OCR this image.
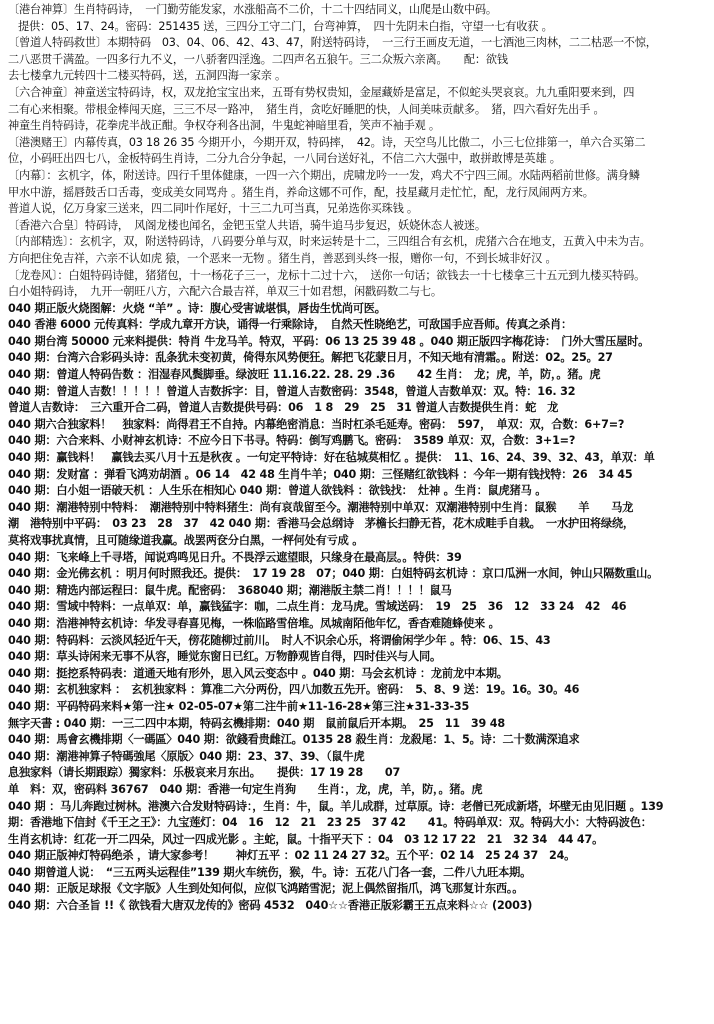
〔港台神算〕生肖特码诗，　一门勤劳能发家，水涨船高不二价，十二十四结同义，山爬是山数中码。
提供：05、17、24。密码：251435 送，三四分工守二门，台弯神算，　四十先阴未白指，守望一七有收获 。
〔曾道人特码救世〕本期特码　03、04、06、42、43、47，附送特码诗，　一三行王画皮无道，一七酒池三肉林，二二枯恶一不惊，
二八恶贯千满盈。一四多行九不义，一八骄奢四淫逸。二四声名五狼午。三二众叛六亲离。　　配：欲钱
去七楼拿九元转四十二楼买特码，送，五洞四海一家亲 。
〔六合神童〕神童送宝特码诗，权，双龙抢宝宝出来，五哥有势权贵知，金屋藏娇是富足，不似蛇头哭哀哀。九九重阳要来到，四
二有心来相聚。带根金棒闯天庭，三三不尽一路冲，　猪生肖，贪吃好睡肥的快，人间美味贡献多。　猪，四六看好先出手 。
神童生肖特码诗，花拳虎半战正酣。争权夺利各出洞，牛鬼蛇神暗里看，笑声不袖手观 。
〔港澳赌王〕内幕传真，03 18 26 35 今期开小，今期开双，特码摔，　42。诗，天空鸟儿比傲二，小三七位排第一，单六合买第二
位，小码旺出四七八，金板特码生肖诗，二分九合分争起，一八同台送好礼，不信二六大强中，敢拼敢博是英雄 。
〔内幕〕：玄机字，体，附送诗。四行千里体健康，一四一六个期出，虎啸龙吟一一发，鸡犬不宁四三闹。水陆两稻前世修。满身鳞
甲水中游，摇唇鼓舌口舌毒，变成美女同骂舟 。猪生肖，养命这娜不可作，配，技星藏月走忙忙，配，龙行凤闹两方来。
普道人说，亿万身家三送来，四二同叶作尾好，十三二九可当真，兄弟选你买珠钱 。
〔香港六合皇〕特码诗，　风阁龙楼也闻名，金钯玉堂人共语，骑牛追马步复迟，妖娆休态人被迷。
〔内部精选〕：玄机字，双，附送特码诗，八码要分单与双，时来运转是十二，三四组合有玄机，虎猪六合在地支，五黄入中未为吉。
方向把住免吉祥，六亲不认如虎 猿，一个恶来一无物 。猪生肖，善恶到头终一报，赠你一句，不到长城非好汉 。
〔龙卷风〕：白姐特码诗健，猪猪包，十一杨花子三一，龙标十二过十六，　送你一句话；欲钱去一十七楼拿三十五元到九楼买特码。
白小姐特码诗，　九开一朝旺八方，六配六合最吉祥，单双三十如君想，闲戳码数二与七。
040 期正版火烧图解：火烧 “羊” 。诗：腹心受害诚堪惧，唇齿生忧尚可医。
040 香港 6000 元传真料：学成九章开方诀，诵得一行乘除诗，　自然天性晓绝艺，可敌国手应吾师。传真之杀肖：
040 期台湾 50000 元来料提供：特肖 牛龙马羊。特双，平码：06 13 25 39 48 。040 期正版四字梅花诗：　门外大雪压屋时。
040 期：台湾六合彩码头诗：乱条犹未变初黄，倚得东风势便狂。解把飞花蒙日月，不知天地有清霜。。附送：02。25。27
040 期：曾道人特码告数 ：泪湿春风鬓脚垂。绿波旺 11.16.22. 28. 29 .36　　42 生肖：　龙；虎，羊，防，。猪。虎
040 期：曾道人吉数！！！！！曾道人吉数拆字：目，曾道人吉数密码：3548，曾道人吉数单双：双。特：16. 32
曾道人吉数诗：　三六重开合二码，曾道人吉数提供号码：06　1 8　29　25　31 曾道人吉数提供生肖：蛇　龙
040 期六合独家料！　独家料：尚得君王不自持。内幕绝密消息：当时杠杀毛延寿。密码：　597，　单双：双，合数：6+7=?
040 期：六合来料、小财神玄机诗：不应今日下书寻。特码：倒写鸡鹏飞。密码：　3589 单双：双，合数：3+1=?
040 期：赢钱料！　赢钱去买八月十五是秋夜 。一句定平特诗：好在毡城莫相忆 。提供：　11、16、24、39、32、43，单双：单
040 期：发财富 ：弹看飞鸿劝胡酒 。06 14　42 48 生肖牛羊；040 期：三怪赌红欲钱料 ：今年一期有钱找特：26　34 45
040 期：白小姐一语破天机 ：人生乐在相知心 040 期：曾道人欲钱料 ：欲钱找：　灶神 。生肖：鼠虎猪马 。
040 期：潮港特别中特料：　潮港特别中特料猪生：尚有哀哉留至今。潮港特别中单双：双潮港特别中生肖：鼠猴　　羊　　马龙
潮　港特别中平码：　03 23　28　37　42 040 期：香港马会总纲诗　茅檐长扫静无苔，花木成畦手自栽。　一水护田将绿绕，
莫将戏事扰真情，且可随缘道我赢。战罢两奁分白黑，一枰何处有亏成 。
040 期：飞来峰上千寻塔，闻说鸡鸣见日升。不畏浮云遮望眼，只缘身在最高层。。特供：39
040 期：金光佛玄机 ：明月何时照我还。提供：　17 19 28　07；040 期：白姐特码玄机诗 ：京口瓜洲一水间，钟山只隔数重山。
040 期：精选内部运程曰：鼠牛虎。配密码：　368040 期；潮港版主禁二肖！！！！鼠马
040 期：雪域中特料：一点单双：单，赢钱猛字：咖，二点生肖：龙马虎。雪域送码：　19　25　36　12　33 24　42　46
040 期：浩港神特玄机诗：华发寻春喜见梅，一株临路雪倍堆。凤城南陌他年忆，香杳难随蜂使来 。
040 期：特码料：云淡风轻近午天，傍花随柳过前川。　时人不识余心乐，将谓偷闲学少年 。特：06、15、43
040 期：草头诗闲来无事不从容，睡觉东窗日已红。万物静观皆自得，四时佳兴与人同。
040 期：挺挖系特码表：道通天地有形外，思入风云变态中 。040 期：马会玄机诗 ：龙前龙中本期。
040 期：玄机独家料 ：　玄机独家料 ：算准二六分两份，四八加数五先开。密码：　5、8、9 送：19。16。30。46
040 期：平码特码来料★第一注★ 02-05-07★第二注牛前★11-16-28★第三注★31-33-35
無字天書 : 040 期：一三二四中本期，特码玄機排期：040 期　鼠前鼠后开本期。　25　11　39 48
040 期：馬會玄機排期〈一碼區〉040 期：欲錢看贵雌江。0135 28 殺生肖：龙殺尾：1、5。诗：二十数满深追求
040 期：潮港神算子特碼強尾〈原版〉040 期：23、37、39、（鼠牛虎
息独家料（请长期跟踪）獨家料：乐极哀来月东出。　　提供：17 19 28　　07
单　料：双，密码料 36767　040 期：香港一句定生肖狗　　生肖：，龙，虎，羊，防，。猪。虎
040 期 ：马儿奔跑过树林。港澳六合发财特码诗：，生肖：牛，鼠。羊儿成群，过草原。诗：老僧已死成新塔，坏壁无由见旧题 。139
期：香港地下信封《千王之王》：九宝莲灯：04　16　12　21　23 25　37 42　　41。特码单双：双。特码大小：大特码波色：
生肖玄机诗：红花一开二四朵，风过一四成光影 。主蛇，鼠。十指平天下 ：04　03 12 17 22　21　32 34　44 47。
040 期正版神灯特码绝杀 ，请大家参考！　　神灯五平 ：02 11 24 27 32。五个平：02 14　25 24 37　24。
040 期曾道人说：　“三五两头运程佳”139 期火车统伤，猴，牛。诗：五花八门各一套，二件八九旺本期。
040 期：正版足球报《文字版》人生到处知何似，应似飞鸿踏雪泥；泥上偶然留指爪，鸿飞那复计东西。。
040 期：六合圣旨 !!《 欲钱看大唐双龙传的》密码 4532　040☆☆香港正版彩霸王五点来料☆☆ (2003)
